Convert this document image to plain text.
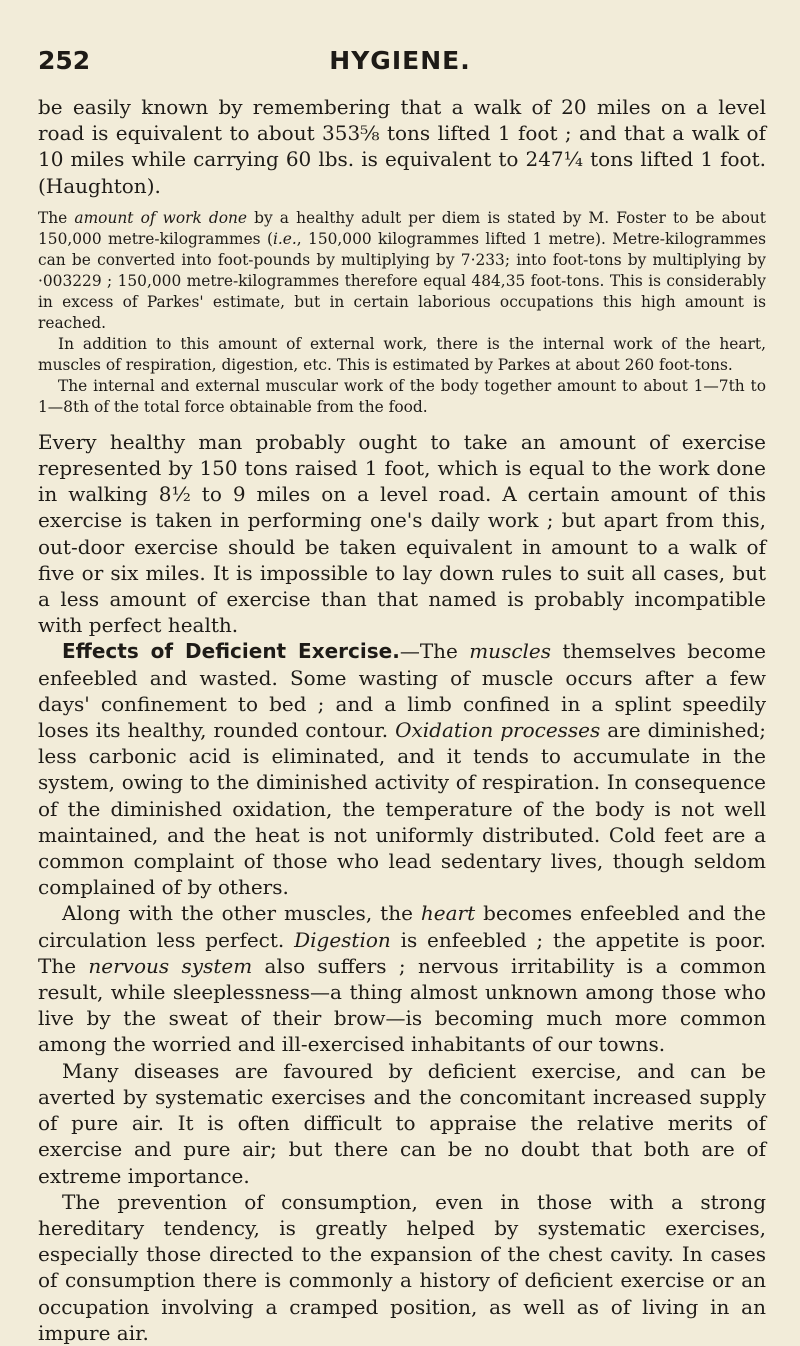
252	HYGIENE.

be easily known by remembering that a walk of 20 miles on a level road is equivalent to about 353⅝ tons lifted 1 foot ; and that a walk of 10 miles while carrying 60 lbs. is equivalent to 247¼ tons lifted 1 foot. (Haughton).

The amount of work done by a healthy adult per diem is stated by M. Foster to be about 150,000 metre-kilogrammes (i.e., 150,000 kilogrammes lifted 1 metre). Metre-kilogrammes can be converted into foot-pounds by multiplying by 7·233; into foot-tons by multiplying by ·003229 ; 150,000 metre-kilogrammes therefore equal 484,35 foot-tons. This is considerably in excess of Parkes' estimate, but in certain laborious occupations this high amount is reached.

In addition to this amount of external work, there is the internal work of the heart, muscles of respiration, digestion, etc. This is estimated by Parkes at about 260 foot-tons.

The internal and external muscular work of the body together amount to about 1—7th to 1—8th of the total force obtainable from the food.

Every healthy man probably ought to take an amount of exercise represented by 150 tons raised 1 foot, which is equal to the work done in walking 8½ to 9 miles on a level road. A certain amount of this exercise is taken in performing one's daily work ; but apart from this, out-door exercise should be taken equivalent in amount to a walk of five or six miles. It is impossible to lay down rules to suit all cases, but a less amount of exercise than that named is probably incompatible with perfect health.

Effects of Deficient Exercise.—The muscles themselves become enfeebled and wasted. Some wasting of muscle occurs after a few days' confinement to bed ; and a limb confined in a splint speedily loses its healthy, rounded contour. Oxidation processes are diminished; less carbonic acid is eliminated, and it tends to accumulate in the system, owing to the diminished activity of respiration. In consequence of the diminished oxidation, the temperature of the body is not well maintained, and the heat is not uniformly distributed. Cold feet are a common complaint of those who lead sedentary lives, though seldom complained of by others.

Along with the other muscles, the heart becomes enfeebled and the circulation less perfect. Digestion is enfeebled ; the appetite is poor. The nervous system also suffers ; nervous irritability is a common result, while sleeplessness—a thing almost unknown among those who live by the sweat of their brow—is becoming much more common among the worried and ill-exercised inhabitants of our towns.

Many diseases are favoured by deficient exercise, and can be averted by systematic exercises and the concomitant increased supply of pure air. It is often difficult to appraise the relative merits of exercise and pure air; but there can be no doubt that both are of extreme importance.

The prevention of consumption, even in those with a strong hereditary tendency, is greatly helped by systematic exercises, especially those directed to the expansion of the chest cavity. In cases of consumption there is commonly a history of deficient exercise or an occupation involving a cramped position, as well as of living in an impure air.
